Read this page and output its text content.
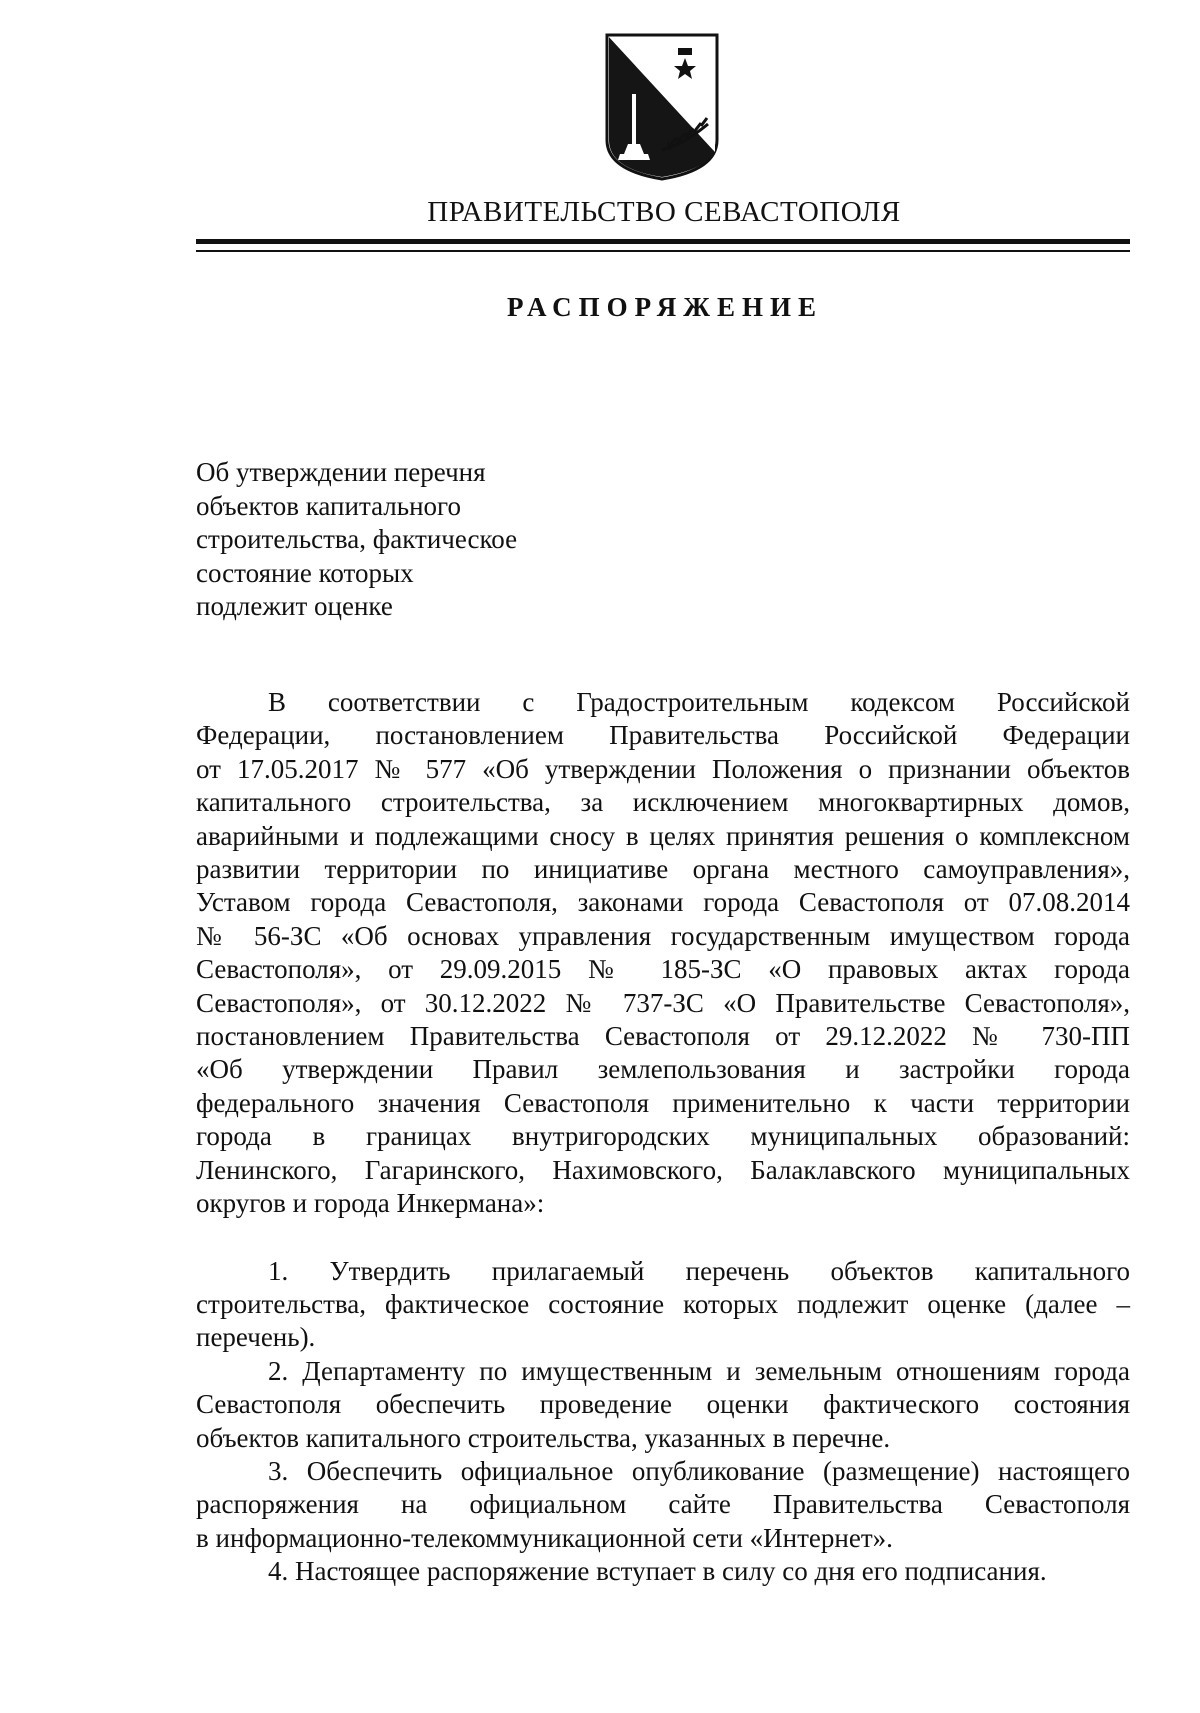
ПРАВИТЕЛЬСТВО СЕВАСТОПОЛЯ
РАСПОРЯЖЕНИЕ
Об утверждении перечня
объектов капитального
строительства, фактическое
состояние которых
подлежит оценке
В соответствии с Градостроительным кодексом Российской
Федерации, постановлением Правительства Российской Федерации
от 17.05.2017 № 577 «Об утверждении Положения о признании объектов
капитального строительства, за исключением многоквартирных домов,
аварийными и подлежащими сносу в целях принятия решения о комплексном
развитии территории по инициативе органа местного самоуправления»,
Уставом города Севастополя, законами города Севастополя от 07.08.2014
№ 56-ЗС «Об основах управления государственным имуществом города
Севастополя», от 29.09.2015 № 185-ЗС «О правовых актах города
Севастополя», от 30.12.2022 № 737-ЗС «О Правительстве Севастополя»,
постановлением Правительства Севастополя от 29.12.2022 № 730-ПП
«Об утверждении Правил землепользования и застройки города
федерального значения Севастополя применительно к части территории
города в границах внутригородских муниципальных образований:
Ленинского, Гагаринского, Нахимовского, Балаклавского муниципальных
округов и города Инкермана»:
1. Утвердить прилагаемый перечень объектов капитального
строительства, фактическое состояние которых подлежит оценке (далее –
перечень).
2. Департаменту по имущественным и земельным отношениям города
Севастополя обеспечить проведение оценки фактического состояния
объектов капитального строительства, указанных в перечне.
3. Обеспечить официальное опубликование (размещение) настоящего
распоряжения на официальном сайте Правительства Севастополя
в информационно-телекоммуникационной сети «Интернет».
4. Настоящее распоряжение вступает в силу со дня его подписания.
